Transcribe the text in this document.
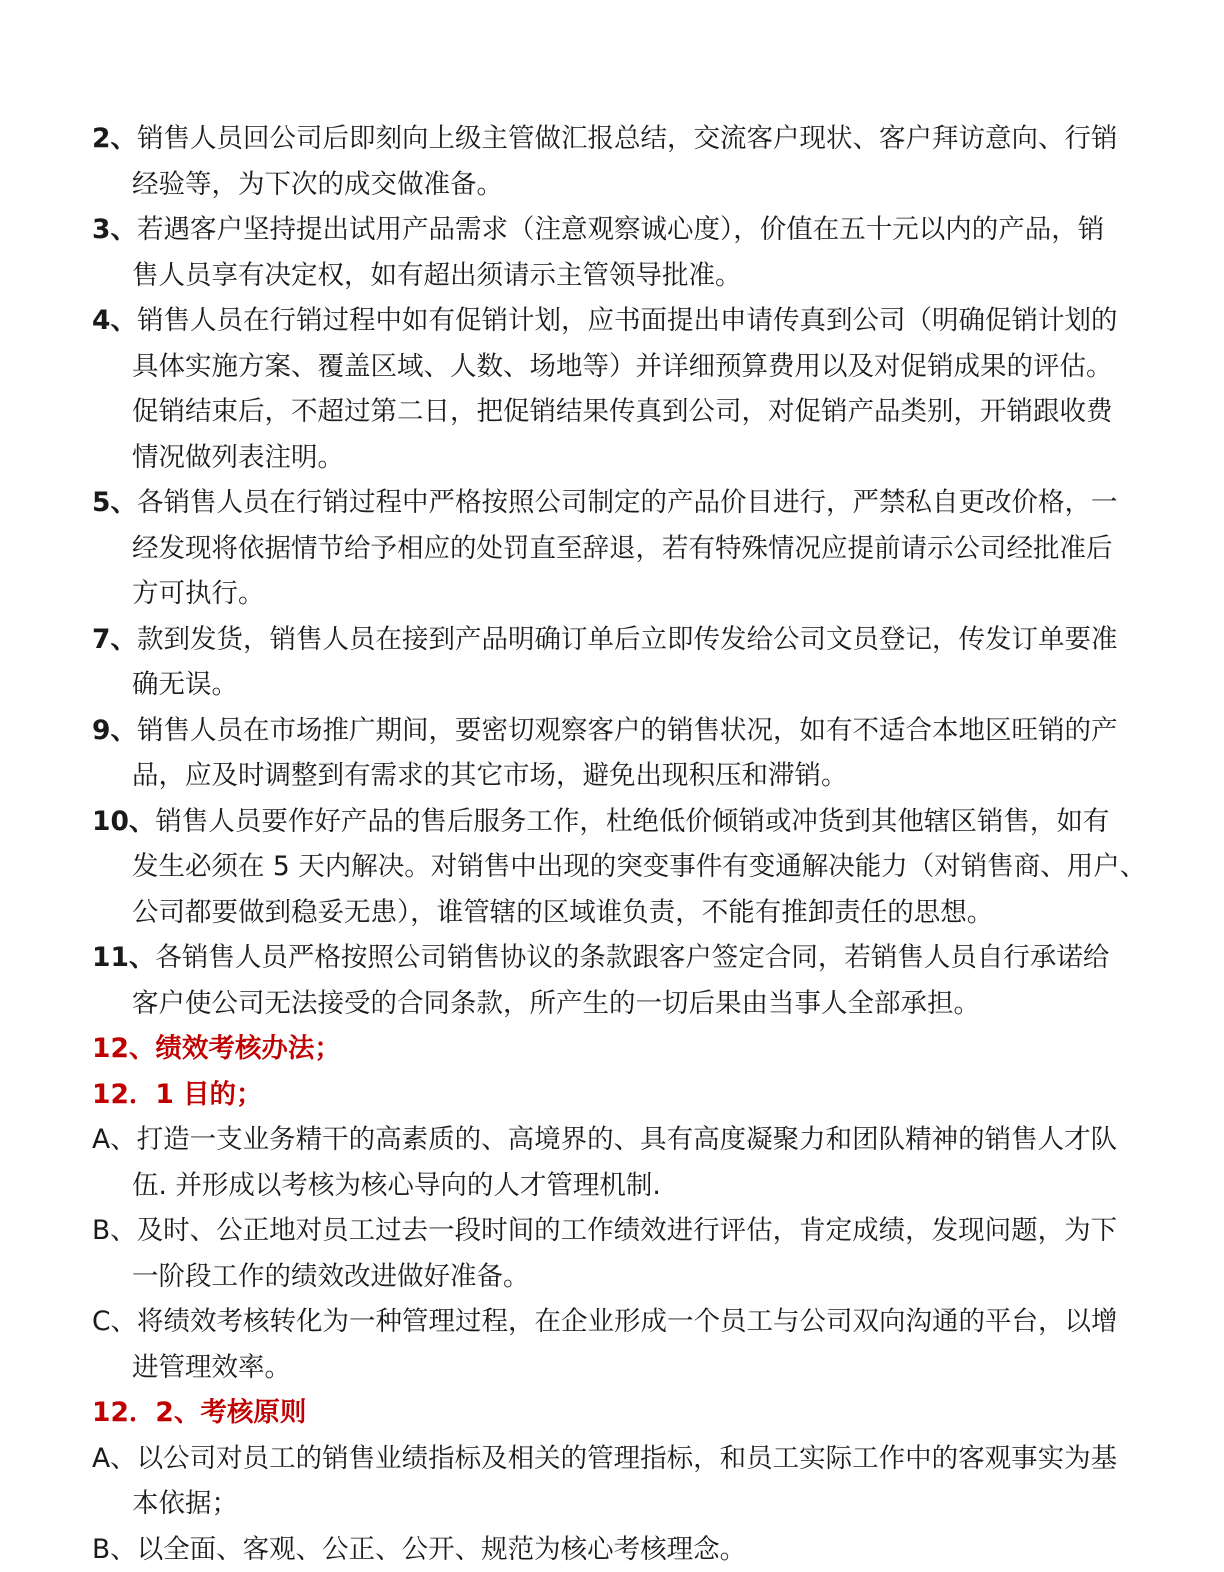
2、销售人员回公司后即刻向上级主管做汇报总结，交流客户现状、客户拜访意向、行销
经验等，为下次的成交做准备。
3、若遇客户坚持提出试用产品需求（注意观察诚心度），价值在五十元以内的产品，销
售人员享有决定权，如有超出须请示主管领导批准。
4、销售人员在行销过程中如有促销计划，应书面提出申请传真到公司（明确促销计划的
具体实施方案、覆盖区域、人数、场地等）并详细预算费用以及对促销成果的评估。
促销结束后，不超过第二日，把促销结果传真到公司，对促销产品类别，开销跟收费
情况做列表注明。
5、各销售人员在行销过程中严格按照公司制定的产品价目进行，严禁私自更改价格，一
经发现将依据情节给予相应的处罚直至辞退，若有特殊情况应提前请示公司经批准后
方可执行。
7、款到发货，销售人员在接到产品明确订单后立即传发给公司文员登记，传发订单要准
确无误。
9、销售人员在市场推广期间，要密切观察客户的销售状况，如有不适合本地区旺销的产
品，应及时调整到有需求的其它市场，避免出现积压和滞销。
10、销售人员要作好产品的售后服务工作，杜绝低价倾销或冲货到其他辖区销售，如有
发生必须在 5 天内解决。对销售中出现的突变事件有变通解决能力（对销售商、用户、
公司都要做到稳妥无患），谁管辖的区域谁负责，不能有推卸责任的思想。
11、各销售人员严格按照公司销售协议的条款跟客户签定合同，若销售人员自行承诺给
客户使公司无法接受的合同条款，所产生的一切后果由当事人全部承担。
12、绩效考核办法；
12．1 目的；
A、打造一支业务精干的高素质的、高境界的、具有高度凝聚力和团队精神的销售人才队
伍. 并形成以考核为核心导向的人才管理机制.
B、及时、公正地对员工过去一段时间的工作绩效进行评估，肯定成绩，发现问题，为下
一阶段工作的绩效改进做好准备。
C、将绩效考核转化为一种管理过程，在企业形成一个员工与公司双向沟通的平台，以增
进管理效率。
12．2、考核原则
A、以公司对员工的销售业绩指标及相关的管理指标，和员工实际工作中的客观事实为基
本依据；
B、以全面、客观、公正、公开、规范为核心考核理念。
